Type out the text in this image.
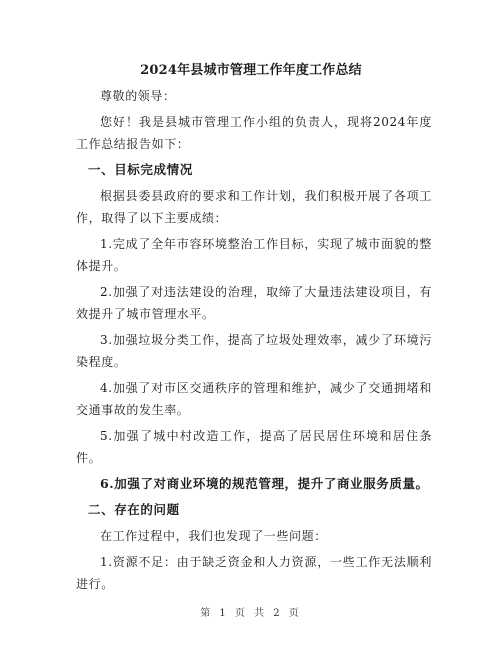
2024年县城市管理工作年度工作总结

尊敬的领导：

您好！我是县城市管理工作小组的负责人，现将2024年度工作总结报告如下：

一、目标完成情况

根据县委县政府的要求和工作计划，我们积极开展了各项工作，取得了以下主要成绩：

1.完成了全年市容环境整治工作目标，实现了城市面貌的整体提升。

2.加强了对违法建设的治理，取缔了大量违法建设项目，有效提升了城市管理水平。

3.加强垃圾分类工作，提高了垃圾处理效率，减少了环境污染程度。

4.加强了对市区交通秩序的管理和维护，减少了交通拥堵和交通事故的发生率。

5.加强了城中村改造工作，提高了居民居住环境和居住条件。

6.加强了对商业环境的规范管理，提升了商业服务质量。

二、存在的问题

在工作过程中，我们也发现了一些问题：

1.资源不足：由于缺乏资金和人力资源，一些工作无法顺利进行。

第 1 页 共 2 页
